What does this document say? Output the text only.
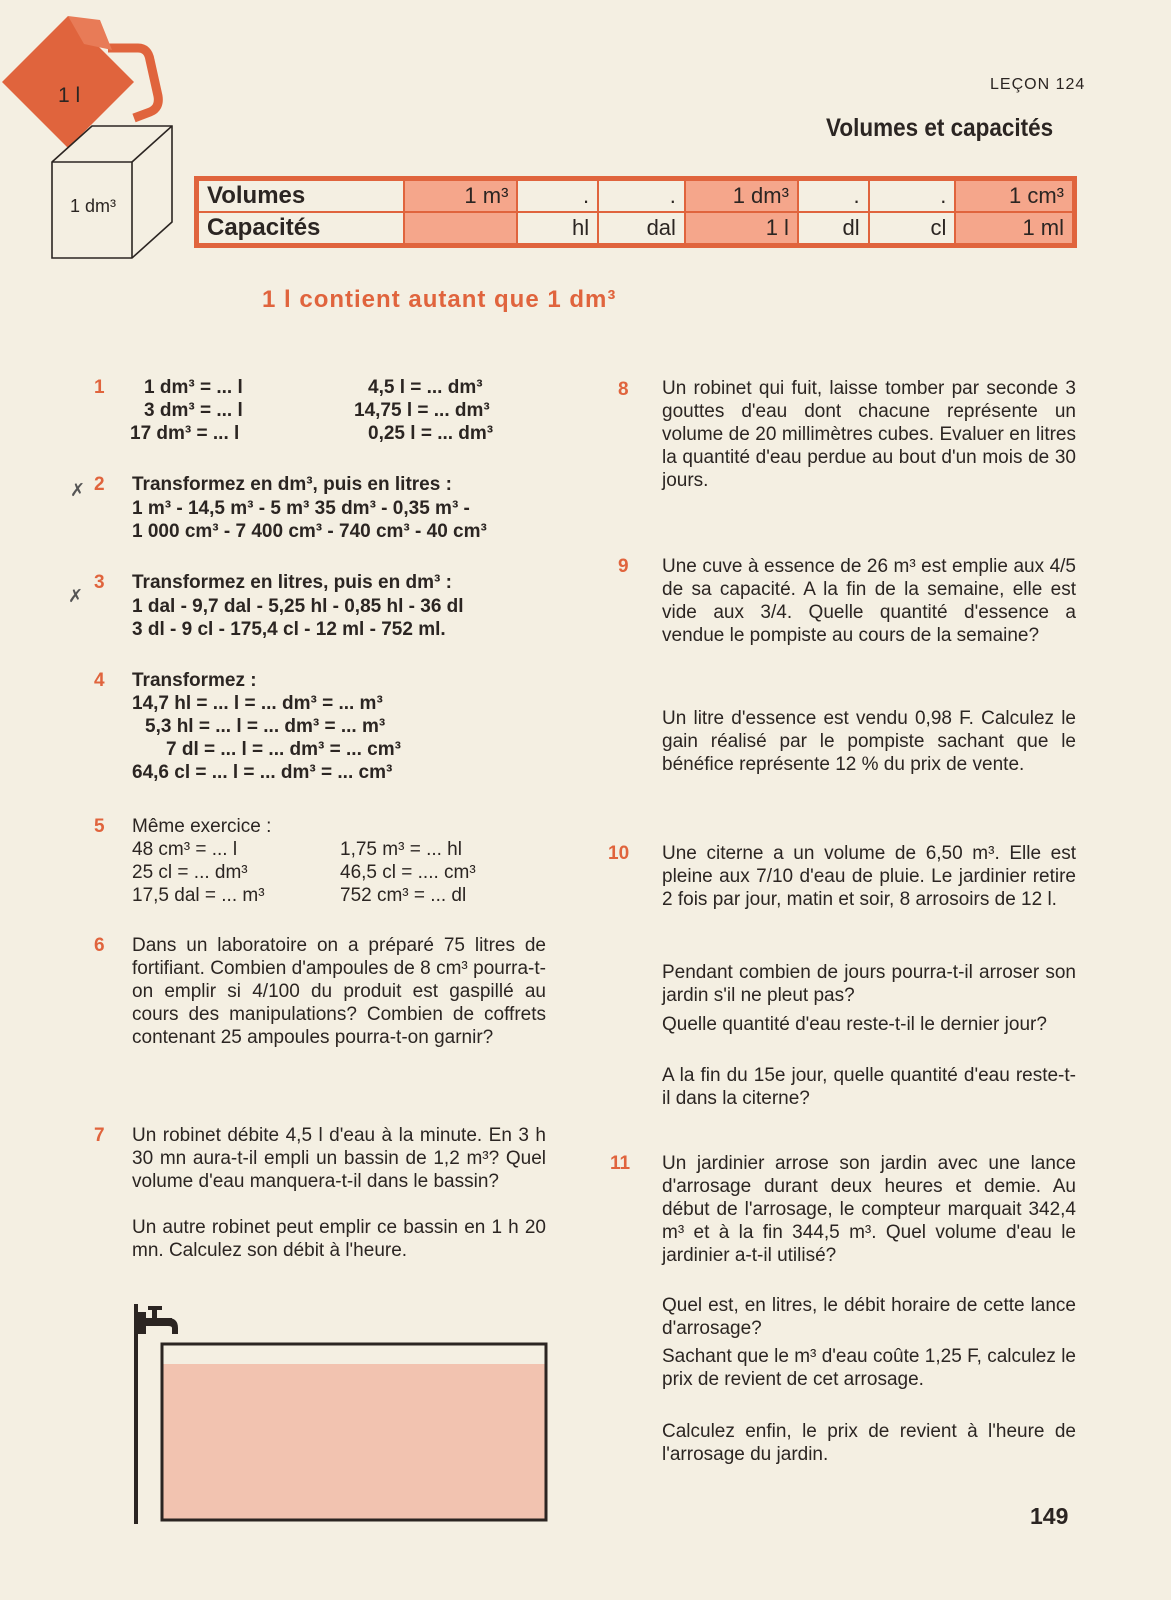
1 l
1 dm³
LEÇON 124
Volumes et capacités
Volumes	1 m³	.	.	1 dm³	.	.	1 cm³
Capacités		hl	dal	1 l	dl	cl	1 ml
1 l contient autant que 1 dm³
1 1 dm³ = ... l	4,5 l = ... dm³
3 dm³ = ... l	14,75 l = ... dm³
17 dm³ = ... l	0,25 l = ... dm³
✗ 2 Transformez en dm³, puis en litres :
1 m³ - 14,5 m³ - 5 m³ 35 dm³ - 0,35 m³ -
1 000 cm³ - 7 400 cm³ - 740 cm³ - 40 cm³
✗
3 Transformez en litres, puis en dm³ :
1 dal - 9,7 dal - 5,25 hl - 0,85 hl - 36 dl
3 dl - 9 cl - 175,4 cl - 12 ml - 752 ml.
4 Transformez :
14,7 hl = ... l = ... dm³ = ... m³
5,3 hl = ... l = ... dm³ = ... m³
7 dl = ... l = ... dm³ = ... cm³
64,6 cl = ... l = ... dm³ = ... cm³
5 Même exercice :
48 cm³ = ... l	1,75 m³ = ... hl
25 cl = ... dm³	46,5 cl = .... cm³
17,5 dal = ... m³	752 cm³ = ... dl
6 Dans un laboratoire on a préparé 75 litres de fortifiant. Combien d'ampoules de 8 cm³ pourra-t-on emplir si 4/100 du produit est gaspillé au cours des manipulations? Combien de coffrets contenant 25 ampoules pourra-t-on garnir?
7 Un robinet débite 4,5 l d'eau à la minute. En 3 h 30 mn aura-t-il empli un bassin de 1,2 m³? Quel volume d'eau manquera-t-il dans le bassin?
Un autre robinet peut emplir ce bassin en 1 h 20 mn. Calculez son débit à l'heure.
8 Un robinet qui fuit, laisse tomber par seconde 3 gouttes d'eau dont chacune représente un volume de 20 millimètres cubes. Evaluer en litres la quantité d'eau perdue au bout d'un mois de 30 jours.
9 Une cuve à essence de 26 m³ est emplie aux 4/5 de sa capacité. A la fin de la semaine, elle est vide aux 3/4. Quelle quantité d'essence a vendue le pompiste au cours de la semaine?
Un litre d'essence est vendu 0,98 F. Calculez le gain réalisé par le pompiste sachant que le bénéfice représente 12 % du prix de vente.
10 Une citerne a un volume de 6,50 m³. Elle est pleine aux 7/10 d'eau de pluie. Le jardinier retire 2 fois par jour, matin et soir, 8 arrosoirs de 12 l.
Pendant combien de jours pourra-t-il arroser son jardin s'il ne pleut pas?
Quelle quantité d'eau reste-t-il le dernier jour?
A la fin du 15e jour, quelle quantité d'eau reste-t-il dans la citerne?
11 Un jardinier arrose son jardin avec une lance d'arrosage durant deux heures et demie. Au début de l'arrosage, le compteur marquait 342,4 m³ et à la fin 344,5 m³. Quel volume d'eau le jardinier a-t-il utilisé?
Quel est, en litres, le débit horaire de cette lance d'arrosage?
Sachant que le m³ d'eau coûte 1,25 F, calculez le prix de revient de cet arrosage.
Calculez enfin, le prix de revient à l'heure de l'arrosage du jardin.
149
